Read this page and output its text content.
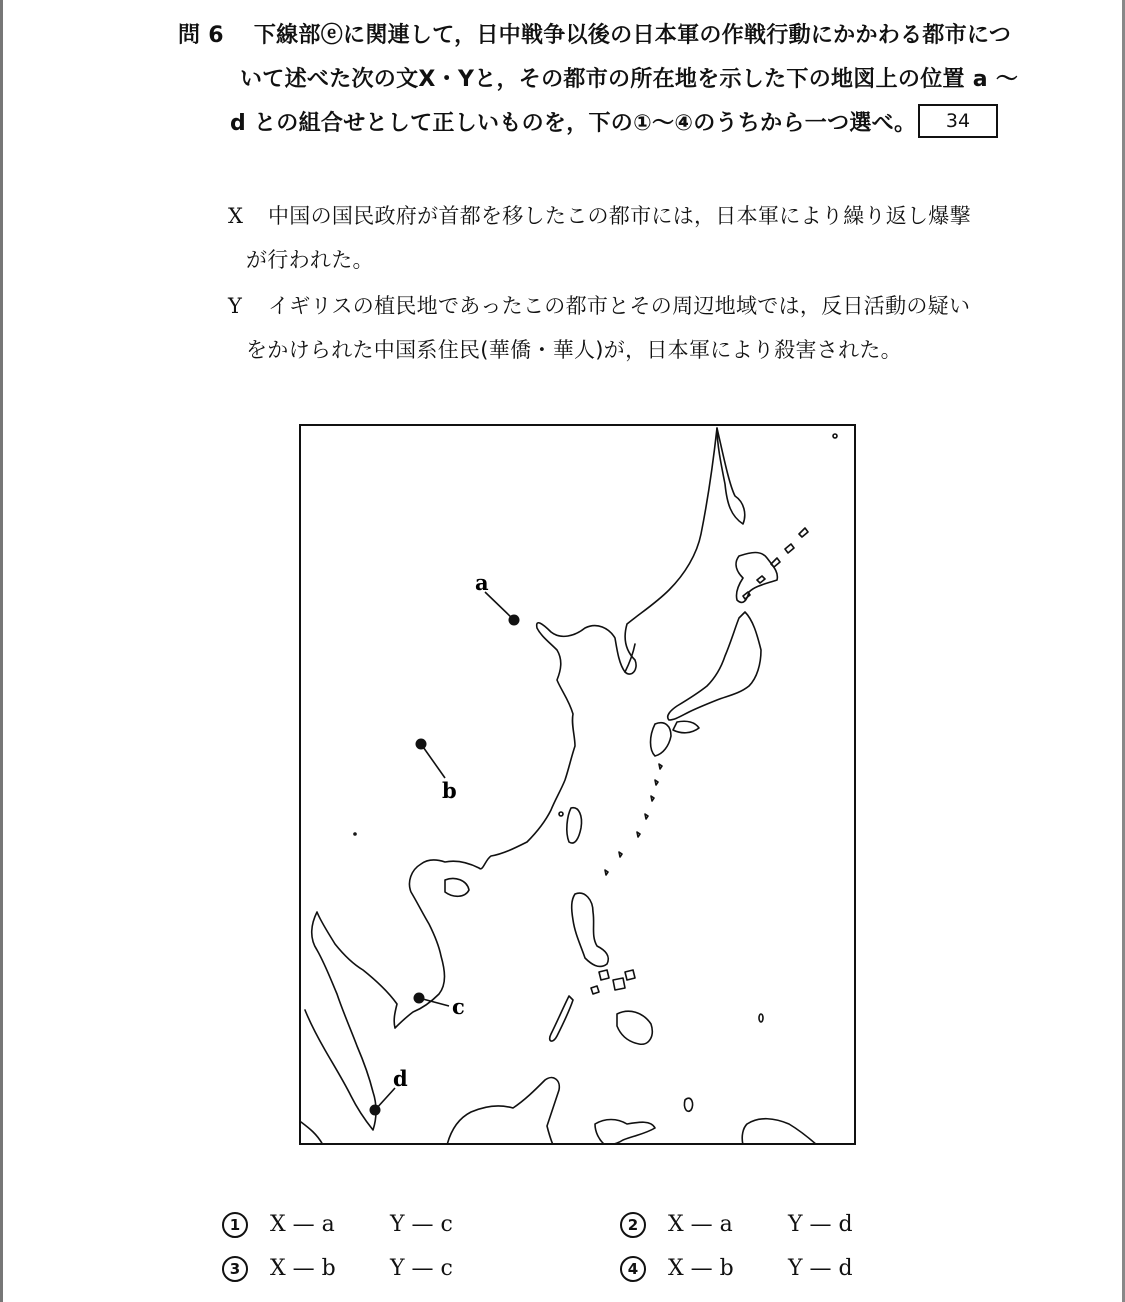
問 6 下線部ⓔに関連して，日中戦争以後の日本軍の作戦行動にかかわる都市につ
いて述べた次の文X・Yと，その都市の所在地を示した下の地図上の位置 a ～
d との組合せとして正しいものを，下の①～④のうちから一つ選べ。	34
X 中国の国民政府が首都を移したこの都市には，日本軍により繰り返し爆撃
が行われた。
Y イギリスの植民地であったこの都市とその周辺地域では，反日活動の疑い
をかけられた中国系住民(華僑・華人)が，日本軍により殺害された。
a
b
c
d
1 X — a	Y — c	2 X — a	Y — d
3 X — b Y — c	4 X — b Y — d
